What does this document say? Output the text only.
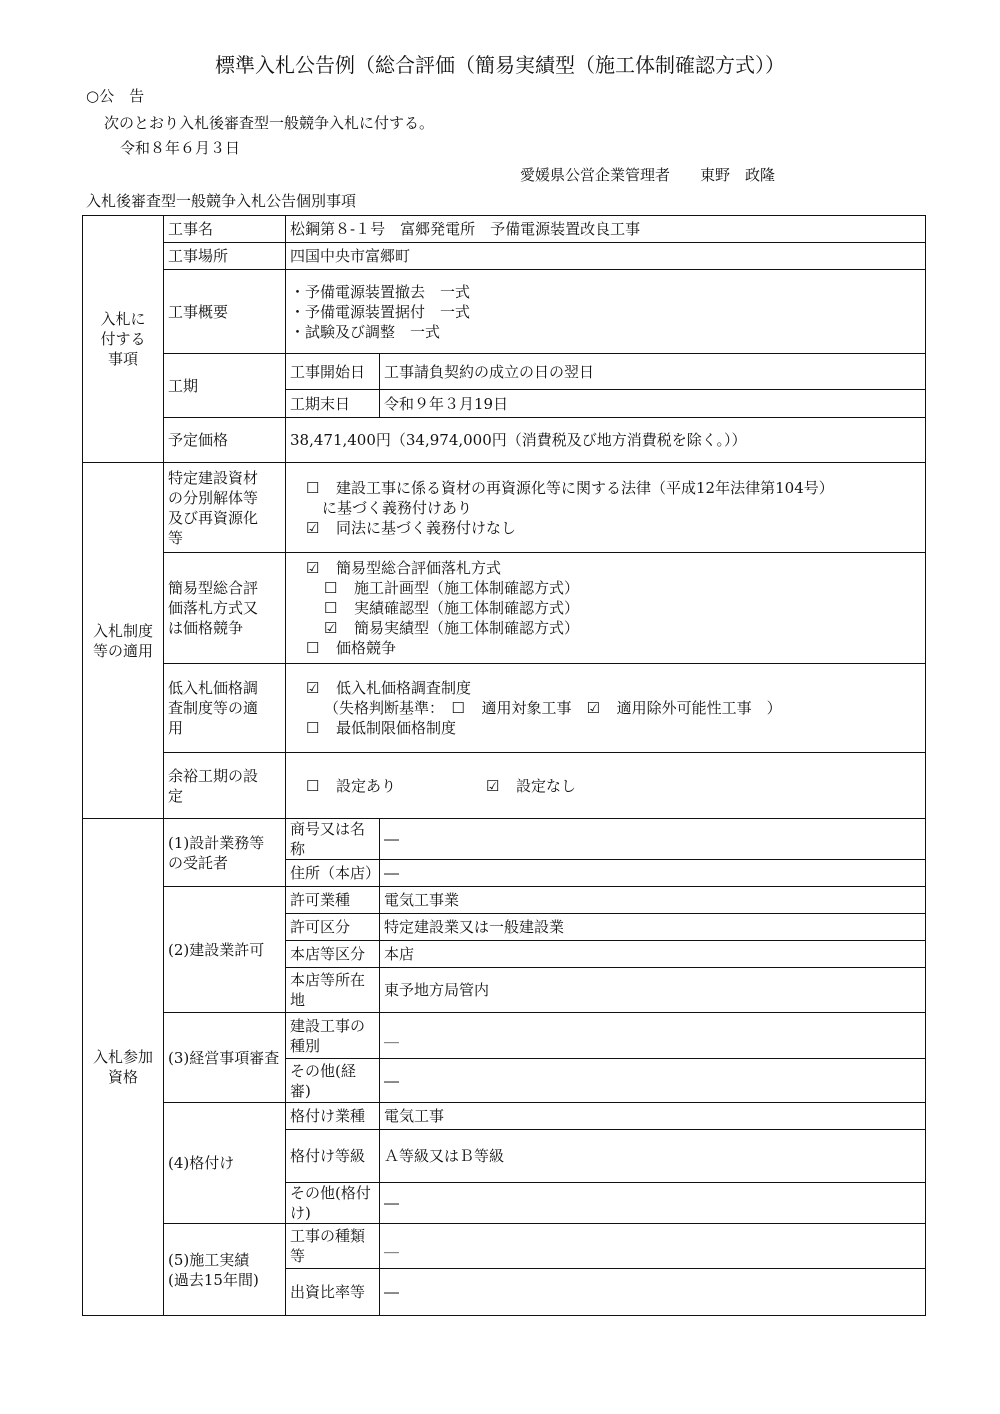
標準入札公告例（総合評価（簡易実績型（施工体制確認方式））
○公　告
次のとおり入札後審査型一般競争入札に付する。
令和８年６月３日
愛媛県公営企業管理者　　東野　政隆
入札後審査型一般競争入札公告個別事項
入札に
付する
事項	工事名	松鋼第８-１号　富郷発電所　予備電源装置改良工事	
	工事場所	四国中央市富郷町	
	工事概要	・予備電源装置撤去　一式
・予備電源装置据付　一式
・試験及び調整　一式	

	工期	工事開始日	工事請負契約の成立の日の翌日
		工期末日	令和９年３月19日
	予定価格	38,471,400円（34,974,000円（消費税及び地方消費税を除く。））	

入札制度
等の適用	特定建設資材
の分別解体等
及び再資源化
等	☐　 建設工事に係る資材の再資源化等に関する法律（平成12年法律第104号）
に基づく義務付けあり
☑　 同法に基づく義務付けなし	

	簡易型総合評
価落札方式又
は価格競争	☑　 簡易型総合評価落札方式
☐　 施工計画型（施工体制確認方式）
☐　 実績確認型（施工体制確認方式）
☑　 簡易実績型（施工体制確認方式）
☐　 価格競争	

	低入札価格調
査制度等の適
用	☑　 低入札価格調査制度
（失格判断基準：　 ☐　 適用対象工事　 ☑　 適用除外可能性工事　 ）
☐　 最低制限価格制度	

	余裕工期の設
定	☐　 設定あり ☑　 設定なし	

入札参加
資格	(1)設計業務等
の受託者	商号又は名称	―
		住所（本店）	―
	(2)建設業許可	許可業種	電気工事業
		許可区分	特定建設業又は一般建設業
		本店等区分	本店
		本店等所在地	東予地方局管内
	(3)経営事項審査	建設工事の
種別	＿
		その他(経審)	―
	(4)格付け	格付け業種	電気工事
		格付け等級	Ａ等級又はＢ等級
		その他(格付け)	―

	(5)施工実績
(過去15年間)	工事の種類
等	＿
		出資比率等	―
